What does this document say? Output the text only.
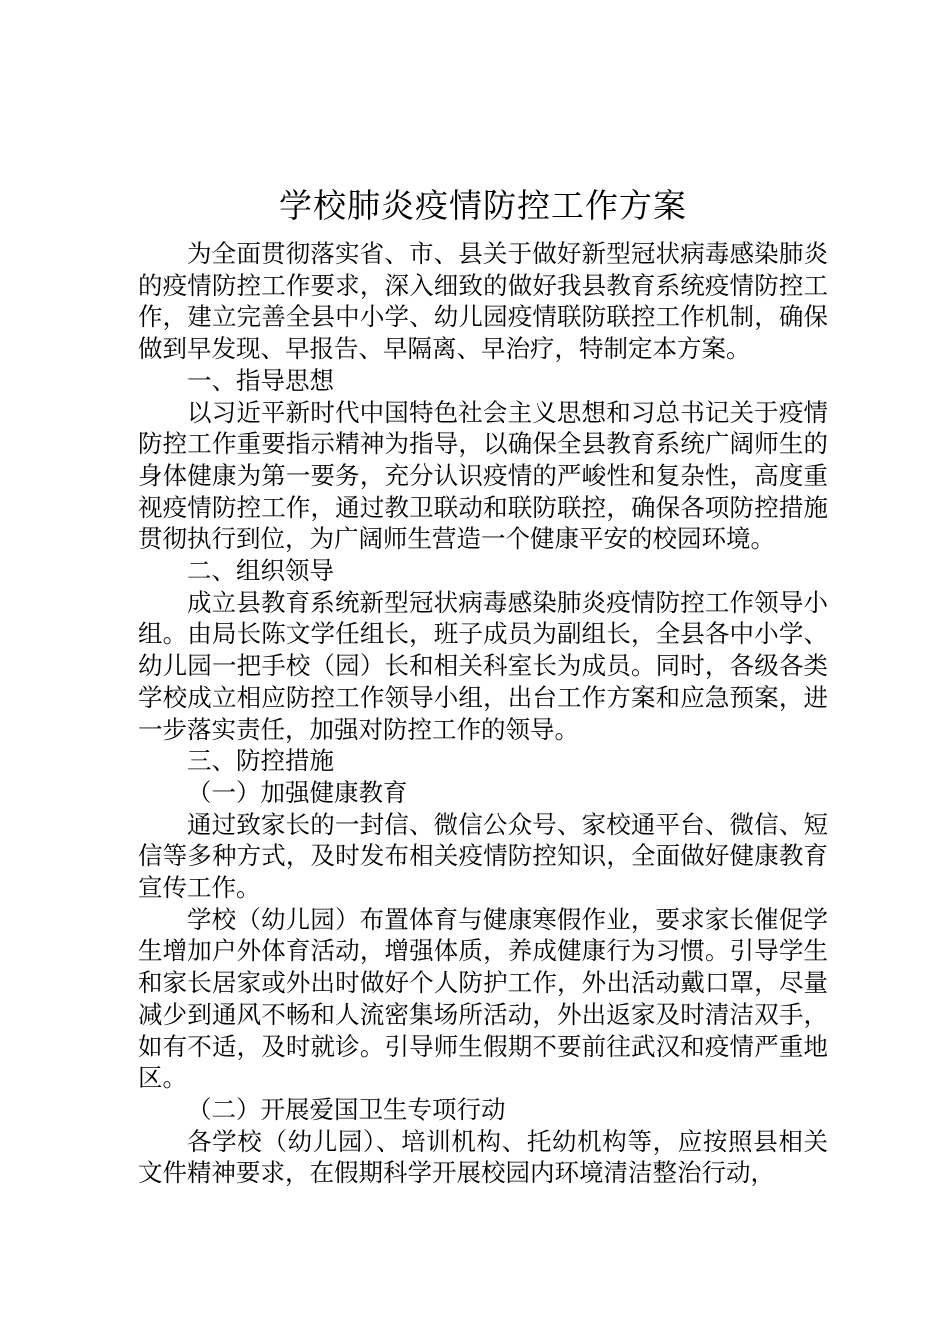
学校肺炎疫情防控工作方案

为全面贯彻落实省、市、县关于做好新型冠状病毒感染肺炎的疫情防控工作要求，深入细致的做好我县教育系统疫情防控工作，建立完善全县中小学、幼儿园疫情联防联控工作机制，确保做到早发现、早报告、早隔离、早治疗，特制定本方案。

一、指导思想

以习近平新时代中国特色社会主义思想和习总书记关于疫情防控工作重要指示精神为指导，以确保全县教育系统广阔师生的身体健康为第一要务，充分认识疫情的严峻性和复杂性，高度重视疫情防控工作，通过教卫联动和联防联控，确保各项防控措施贯彻执行到位，为广阔师生营造一个健康平安的校园环境。

二、组织领导

成立县教育系统新型冠状病毒感染肺炎疫情防控工作领导小组。由局长陈文学任组长，班子成员为副组长，全县各中小学、幼儿园一把手校（园）长和相关科室长为成员。同时，各级各类学校成立相应防控工作领导小组，出台工作方案和应急预案，进一步落实责任，加强对防控工作的领导。

三、防控措施

（一）加强健康教育

通过致家长的一封信、微信公众号、家校通平台、微信、短信等多种方式，及时发布相关疫情防控知识，全面做好健康教育宣传工作。

学校（幼儿园）布置体育与健康寒假作业，要求家长催促学生增加户外体育活动，增强体质，养成健康行为习惯。引导学生和家长居家或外出时做好个人防护工作，外出活动戴口罩，尽量减少到通风不畅和人流密集场所活动，外出返家及时清洁双手，如有不适，及时就诊。引导师生假期不要前往武汉和疫情严重地区。

（二）开展爱国卫生专项行动

各学校（幼儿园）、培训机构、托幼机构等，应按照县相关文件精神要求，在假期科学开展校园内环境清洁整治行动，
